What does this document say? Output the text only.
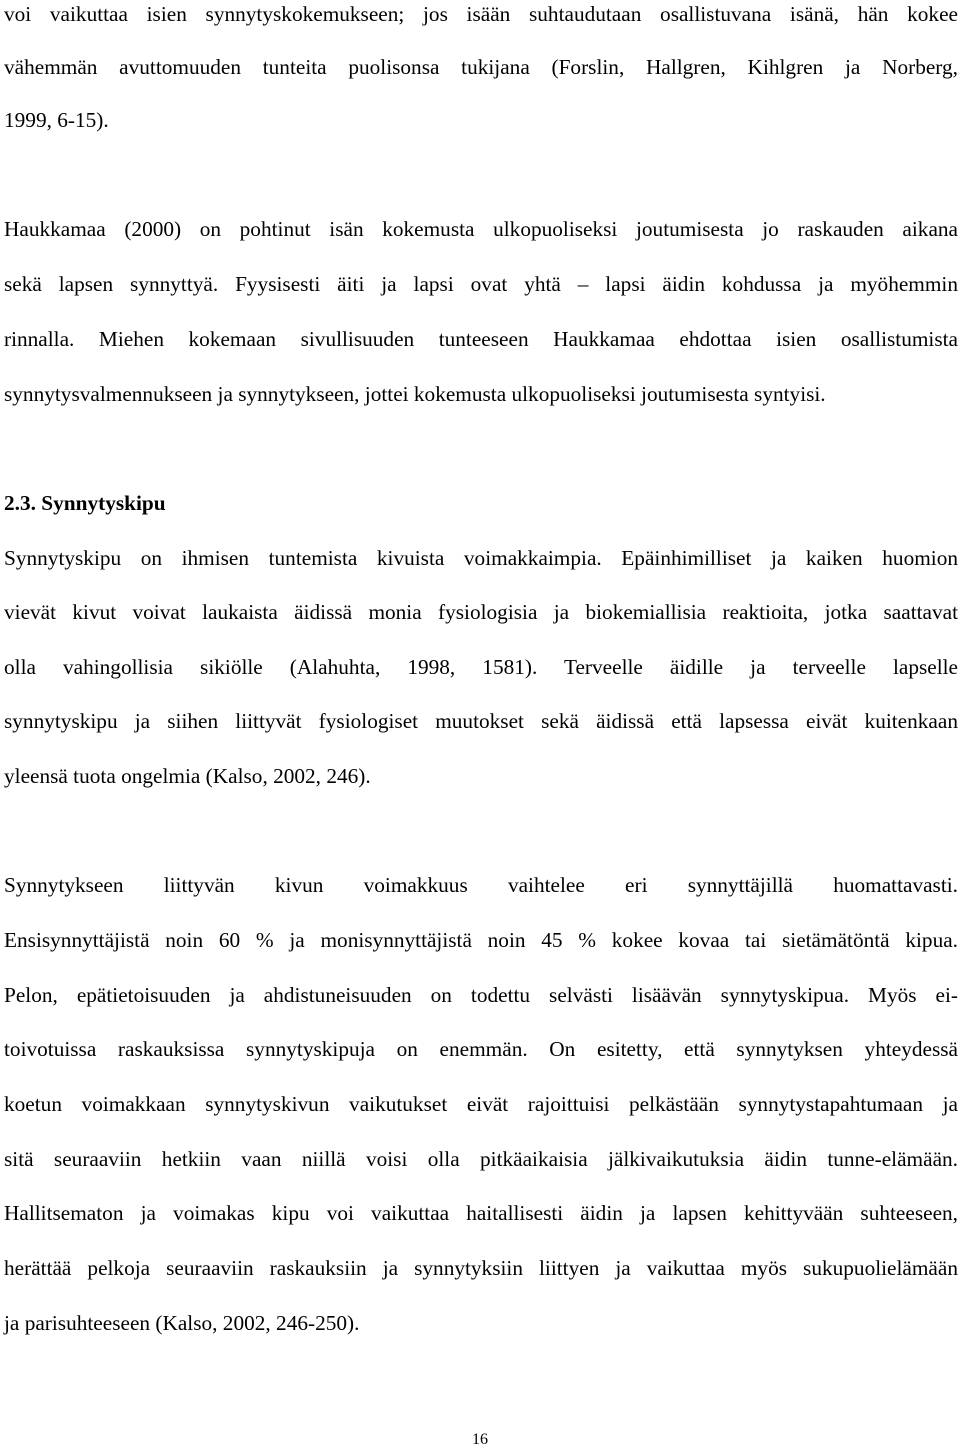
voi vaikuttaa isien synnytyskokemukseen; jos isään suhtaudutaan osallistuvana isänä, hän kokee
vähemmän avuttomuuden tunteita puolisonsa tukijana (Forslin, Hallgren, Kihlgren ja Norberg,
1999, 6-15).
Haukkamaa (2000) on pohtinut isän kokemusta ulkopuoliseksi joutumisesta jo raskauden aikana
sekä lapsen synnyttyä. Fyysisesti äiti ja lapsi ovat yhtä – lapsi äidin kohdussa ja myöhemmin
rinnalla. Miehen kokemaan sivullisuuden tunteeseen Haukkamaa ehdottaa isien osallistumista
synnytysvalmennukseen ja synnytykseen, jottei kokemusta ulkopuoliseksi joutumisesta syntyisi.
2.3. Synnytyskipu
Synnytyskipu on ihmisen tuntemista kivuista voimakkaimpia. Epäinhimilliset ja kaiken huomion
vievät kivut voivat laukaista äidissä monia fysiologisia ja biokemiallisia reaktioita, jotka saattavat
olla vahingollisia sikiölle (Alahuhta, 1998, 1581). Terveelle äidille ja terveelle lapselle
synnytyskipu ja siihen liittyvät fysiologiset muutokset sekä äidissä että lapsessa eivät kuitenkaan
yleensä tuota ongelmia (Kalso, 2002, 246).
Synnytykseen liittyvän kivun voimakkuus vaihtelee eri synnyttäjillä huomattavasti.
Ensisynnyttäjistä noin 60 % ja monisynnyttäjistä noin 45 % kokee kovaa tai sietämätöntä kipua.
Pelon, epätietoisuuden ja ahdistuneisuuden on todettu selvästi lisäävän synnytyskipua. Myös ei-
toivotuissa raskauksissa synnytyskipuja on enemmän. On esitetty, että synnytyksen yhteydessä
koetun voimakkaan synnytyskivun vaikutukset eivät rajoittuisi pelkästään synnytystapahtumaan ja
sitä seuraaviin hetkiin vaan niillä voisi olla pitkäaikaisia jälkivaikutuksia äidin tunne-elämään.
Hallitsematon ja voimakas kipu voi vaikuttaa haitallisesti äidin ja lapsen kehittyvään suhteeseen,
herättää pelkoja seuraaviin raskauksiin ja synnytyksiin liittyen ja vaikuttaa myös sukupuolielämään
ja parisuhteeseen (Kalso, 2002, 246-250).
16
